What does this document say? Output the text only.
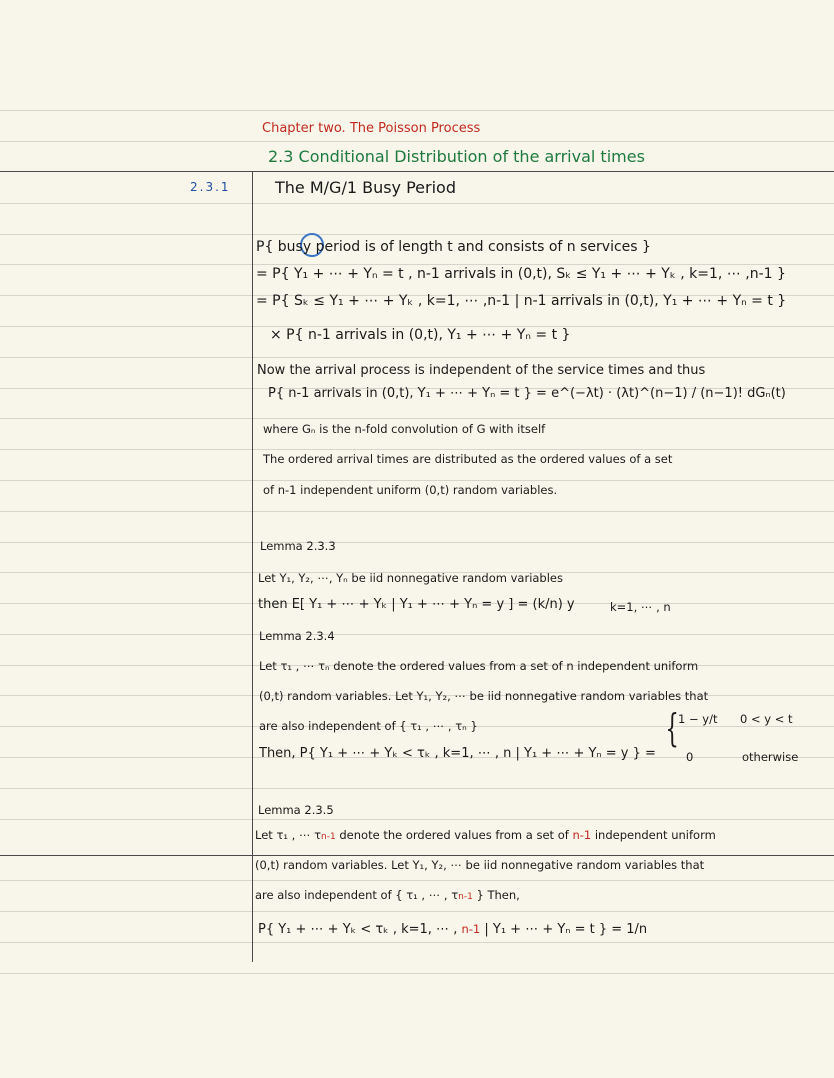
Chapter two. The Poisson Process
2.3 Conditional Distribution of the arrival times
2.3.1	The M/G/1 Busy Period
P{ busy period is of length t and consists of n services }
= P{ Y₁ + ⋯ + Yₙ = t , n-1 arrivals in (0,t), Sₖ ≤ Y₁ + ⋯ + Yₖ , k=1, ⋯ ,n-1 }
= P{ Sₖ ≤ Y₁ + ⋯ + Yₖ , k=1, ⋯ ,n-1 | n-1 arrivals in (0,t), Y₁ + ⋯ + Yₙ = t }
× P{ n-1 arrivals in (0,t), Y₁ + ⋯ + Yₙ = t }
Now the arrival process is independent of the service times and thus
P{ n-1 arrivals in (0,t), Y₁ + ⋯ + Yₙ = t } = e^(−λt) · (λt)^(n−1) / (n−1)! dGₙ(t)
where Gₙ is the n-fold convolution of G with itself
The ordered arrival times are distributed as the ordered values of a set
of n-1 independent uniform (0,t) random variables.
Lemma 2.3.3
Let Y₁, Y₂, ⋯, Yₙ be iid nonnegative random variables
then E[ Y₁ + ⋯ + Yₖ | Y₁ + ⋯ + Yₙ = y ] = (k/n) y	k=1, ⋯ , n
Lemma 2.3.4
Let τ₁ , ⋯ τₙ denote the ordered values from a set of n independent uniform
(0,t) random variables. Let Y₁, Y₂, ⋯ be iid nonnegative random variables that
are also independent of { τ₁ , ⋯ , τₙ }
Then, P{ Y₁ + ⋯ + Yₖ < τₖ , k=1, ⋯ , n | Y₁ + ⋯ + Yₙ = y } =
{ 1 − y/t 0 < y < t
0	otherwise
Lemma 2.3.5
Let τ₁ , ⋯ τn-1 denote the ordered values from a set of n-1 independent uniform
(0,t) random variables. Let Y₁, Y₂, ⋯ be iid nonnegative random variables that
are also independent of { τ₁ , ⋯ , τn-1 } Then,
P{ Y₁ + ⋯ + Yₖ < τₖ , k=1, ⋯ , n-1 | Y₁ + ⋯ + Yₙ = t } = 1/n
